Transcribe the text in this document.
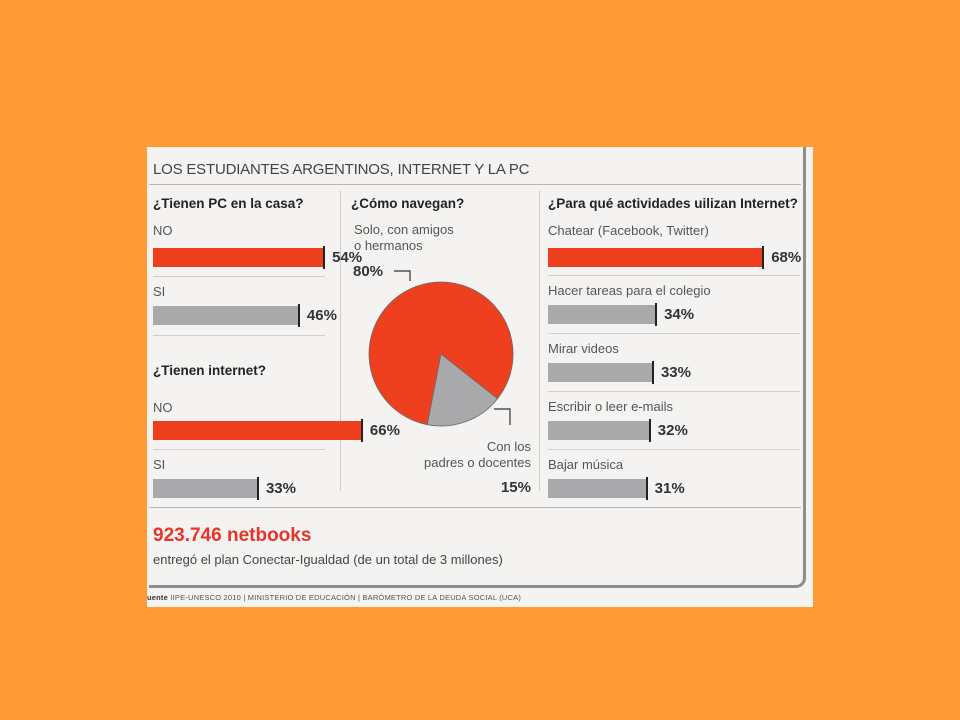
LOS ESTUDIANTES ARGENTINOS, INTERNET Y LA PC
¿Tienen PC en la casa?
NO
54%
SI
46%
¿Tienen internet?
NO
66%
SI
33%
¿Cómo navegan?
Solo, con amigos
o hermanos
80%
Con los
padres o docentes
15%
¿Para qué actividades uilizan Internet?
Chatear (Facebook, Twitter)
68%
Hacer tareas para el colegio
34%
Mirar videos
33%
Escribir o leer e-mails
32%
Bajar música
31%
923.746 netbooks
entregó el plan Conectar-Igualdad (de un total de 3 millones)
uente IIPE-UNESCO 2010 | MINISTERIO DE EDUCACIÓN | BARÓMETRO DE LA DEUDA SOCIAL (UCA)
